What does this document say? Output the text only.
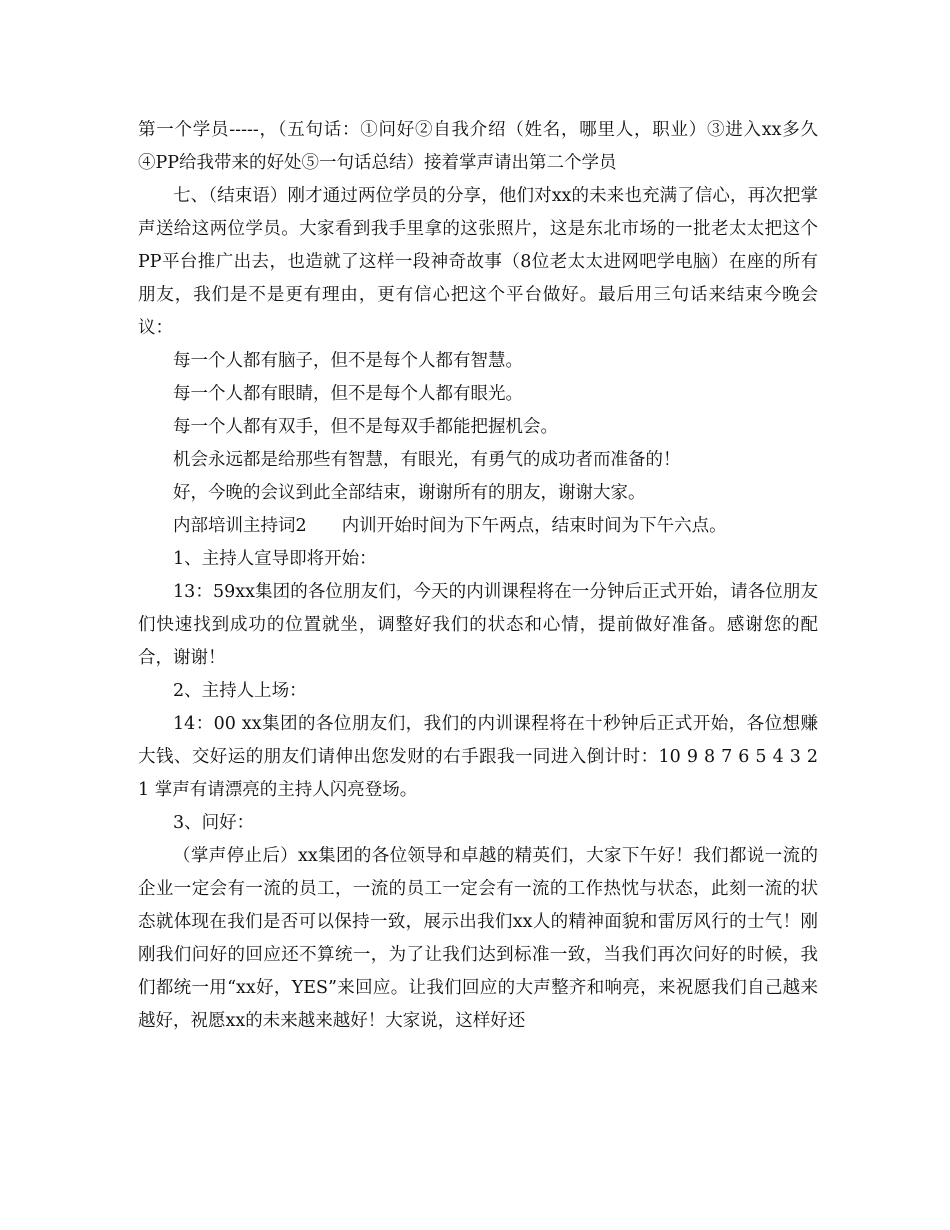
第一个学员-----，（五句话：①问好②自我介绍（姓名，哪里人，职业）③进入xx多久④PP给我带来的好处⑤一句话总结）接着掌声请出第二个学员

七、（结束语）刚才通过两位学员的分享，他们对xx的未来也充满了信心，再次把掌声送给这两位学员。大家看到我手里拿的这张照片，这是东北市场的一批老太太把这个PP平台推广出去，也造就了这样一段神奇故事（8位老太太进网吧学电脑）在座的所有朋友，我们是不是更有理由，更有信心把这个平台做好。最后用三句话来结束今晚会议：

每一个人都有脑子，但不是每个人都有智慧。

每一个人都有眼睛，但不是每个人都有眼光。

每一个人都有双手，但不是每双手都能把握机会。

机会永远都是给那些有智慧，有眼光，有勇气的成功者而准备的！

好，今晚的会议到此全部结束，谢谢所有的朋友，谢谢大家。

内部培训主持词2　　内训开始时间为下午两点，结束时间为下午六点。

1、主持人宣导即将开始：

13：59xx集团的各位朋友们，今天的内训课程将在一分钟后正式开始，请各位朋友们快速找到成功的位置就坐，调整好我们的状态和心情，提前做好准备。感谢您的配合，谢谢！

2、主持人上场：

14：00 xx集团的各位朋友们，我们的内训课程将在十秒钟后正式开始，各位想赚大钱、交好运的朋友们请伸出您发财的右手跟我一同进入倒计时：10 9 8 7 6 5 4 3 2 1 掌声有请漂亮的主持人闪亮登场。

3、问好：

（掌声停止后）xx集团的各位领导和卓越的精英们，大家下午好！我们都说一流的企业一定会有一流的员工，一流的员工一定会有一流的工作热忱与状态，此刻一流的状态就体现在我们是否可以保持一致，展示出我们xx人的精神面貌和雷厉风行的士气！刚刚我们问好的回应还不算统一，为了让我们达到标准一致，当我们再次问好的时候，我们都统一用“xx好，YES”来回应。让我们回应的大声整齐和响亮，来祝愿我们自己越来越好，祝愿xx的未来越来越好！大家说，这样好还
